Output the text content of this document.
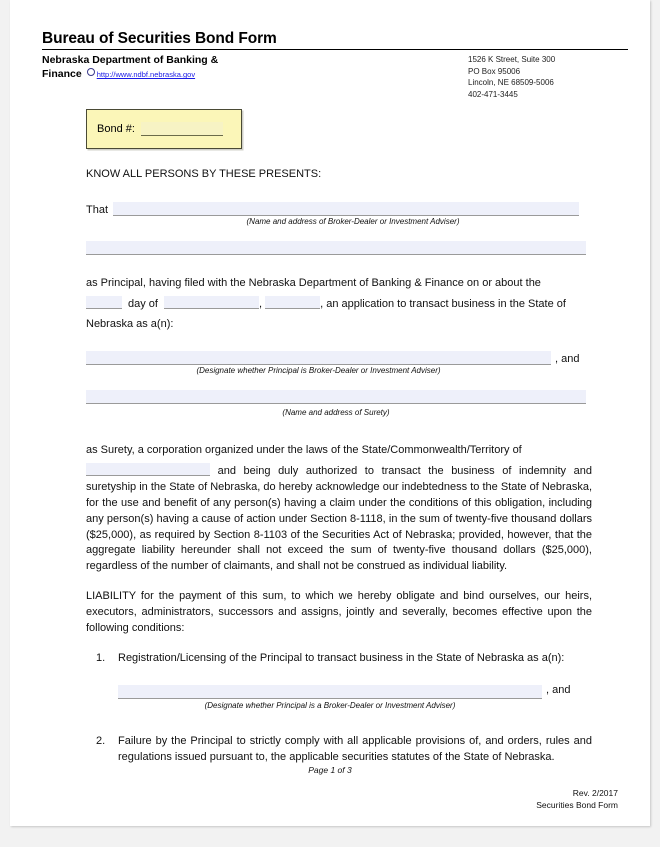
Bureau of Securities Bond Form
Nebraska Department of Banking &
Finance	http://www.ndbf.nebraska.gov
1526 K Street, Suite 300
PO Box 95006
Lincoln, NE 68509-5006
402-471-3445
Bond #:
KNOW ALL PERSONS BY THESE PRESENTS:
That
(Name and address of Broker-Dealer or Investment Adviser)

as Principal, having filed with the Nebraska Department of Banking & Finance on or about the

day of	,	, an application to transact business in the State of

Nebraska as a(n):

, and
(Designate whether Principal is Broker-Dealer or Investment Adviser)
(Name and address of Surety)

as Surety, a corporation organized under the laws of the State/Commonwealth/Territory of

and being duly authorized to transact the business of indemnity and suretyship in the State of Nebraska, do hereby acknowledge our indebtedness to the State of Nebraska, for the use and benefit of any person(s) having a claim under the conditions of this obligation, including any person(s) having a cause of action under Section 8-1118, in the sum of twenty-five thousand dollars ($25,000), as required by Section 8-1103 of the Securities Act of Nebraska; provided, however, that the aggregate liability hereunder shall not exceed the sum of twenty-five thousand dollars ($25,000), regardless of the number of claimants, and shall not be construed as individual liability.

LIABILITY for the payment of this sum, to which we hereby obligate and bind ourselves, our heirs, executors, administrators, successors and assigns, jointly and severally, becomes effective upon the following conditions:

1. Registration/Licensing of the Principal to transact business in the State of Nebraska as a(n):
, and
(Designate whether Principal is a Broker-Dealer or Investment Adviser)
2. Failure by the Principal to strictly comply with all applicable provisions of, and orders, rules and regulations issued pursuant to, the applicable securities statutes of the State of Nebraska.
Page 1 of 3
Rev. 2/2017
Securities Bond Form
